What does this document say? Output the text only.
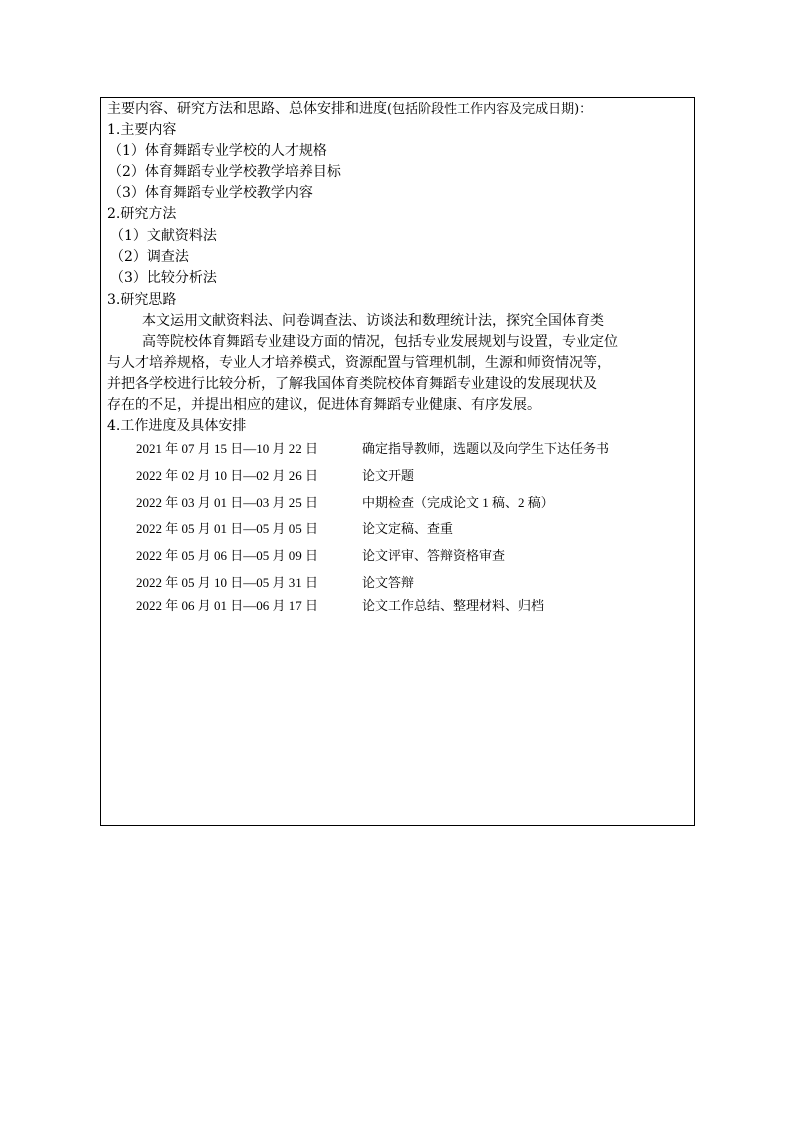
主要内容、研究方法和思路、总体安排和进度(包括阶段性工作内容及完成日期)：
1.主要内容
（1）体育舞蹈专业学校的人才规格
（2）体育舞蹈专业学校教学培养目标
（3）体育舞蹈专业学校教学内容
2.研究方法
（1）文献资料法
（2）调查法
（3）比较分析法
3.研究思路
本文运用文献资料法、问卷调查法、访谈法和数理统计法，探究全国体育类
高等院校体育舞蹈专业建设方面的情况，包括专业发展规划与设置，专业定位
与人才培养规格，专业人才培养模式，资源配置与管理机制，生源和师资情况等，
并把各学校进行比较分析，了解我国体育类院校体育舞蹈专业建设的发展现状及
存在的不足，并提出相应的建议，促进体育舞蹈专业健康、有序发展。
4.工作进度及具体安排
2021 年 07 月 15 日—10 月 22 日	确定指导教师，选题以及向学生下达任务书
2022 年 02 月 10 日—02 月 26 日	论文开题
2022 年 03 月 01 日—03 月 25 日	中期检查（完成论文 1 稿、2 稿）
2022 年 05 月 01 日—05 月 05 日	论文定稿、查重
2022 年 05 月 06 日—05 月 09 日	论文评审、答辩资格审查
2022 年 05 月 10 日—05 月 31 日	论文答辩
2022 年 06 月 01 日—06 月 17 日	论文工作总结、整理材料、归档
